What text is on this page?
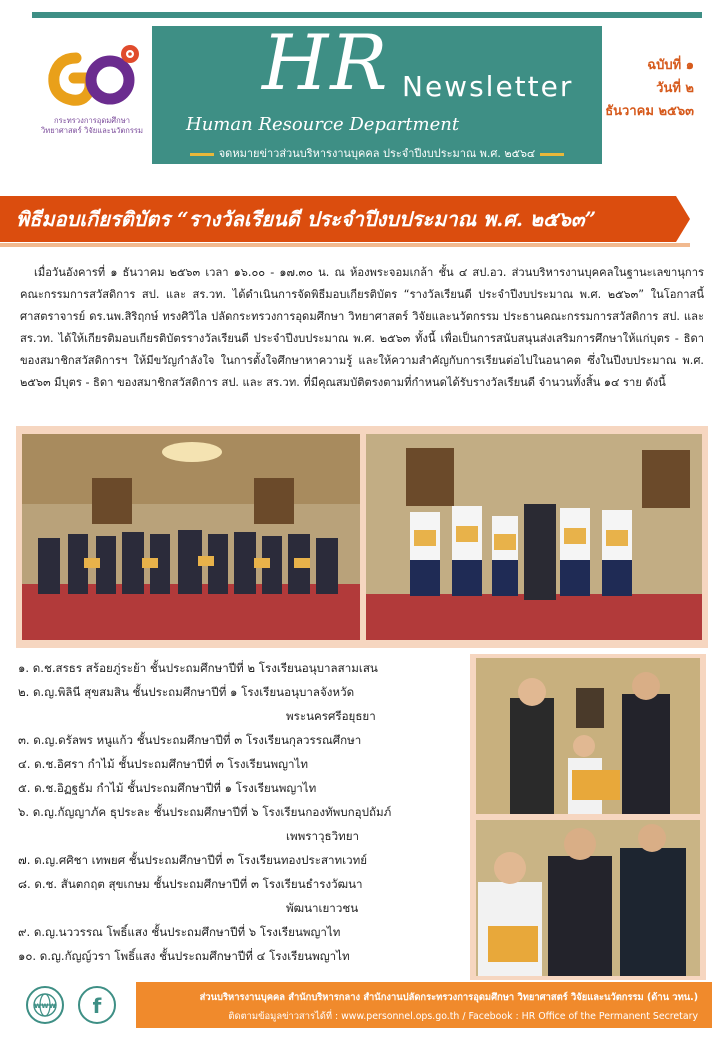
กระทรวงการอุดมศึกษา
วิทยาศาสตร์ วิจัยและนวัตกรรม
HR Newsletter
Human Resource Department
จดหมายข่าวส่วนบริหารงานบุคคล ประจำปีงบประมาณ พ.ศ. ๒๕๖๔
ฉบับที่ ๑
วันที่ ๒
ธันวาคม ๒๕๖๓
พิธีมอบเกียรติบัตร “รางวัลเรียนดี ประจำปีงบประมาณ พ.ศ. ๒๕๖๓”
เมื่อวันอังคารที่ ๑ ธันวาคม ๒๕๖๓ เวลา ๑๖.๐๐ - ๑๗.๓๐ น. ณ ห้องพระจอมเกล้า ชั้น ๔ สป.อว. ส่วนบริหารงานบุคคลในฐานะเลขานุการคณะกรรมการสวัสดิการ สป. และ สร.วท. ได้ดำเนินการจัดพิธีมอบเกียรติบัตร “รางวัลเรียนดี ประจำปีงบประมาณ พ.ศ. ๒๕๖๓” ในโอกาสนี้ ศาสตราจารย์ ดร.นพ.สิริฤกษ์ ทรงศิวิไล ปลัดกระทรวงการอุดมศึกษา วิทยาศาสตร์ วิจัยและนวัตกรรม ประธานคณะกรรมการสวัสดิการ สป. และ สร.วท. ได้ให้เกียรติมอบเกียรติบัตรรางวัลเรียนดี ประจำปีงบประมาณ พ.ศ. ๒๕๖๓ ทั้งนี้ เพื่อเป็นการสนับสนุนส่งเสริมการศึกษาให้แก่บุตร - ธิดาของสมาชิกสวัสดิการฯ ให้มีขวัญกำลังใจ ในการตั้งใจศึกษาหาความรู้ และให้ความสำคัญกับการเรียนต่อไปในอนาคต ซึ่งในปีงบประมาณ พ.ศ. ๒๕๖๓ มีบุตร - ธิดา ของสมาชิกสวัสดิการ สป. และ สร.วท. ที่มีคุณสมบัติตรงตามที่กำหนดได้รับรางวัลเรียนดี จำนวนทั้งสิ้น ๑๔ ราย ดังนี้
๑. ด.ช.สรธร สร้อยภู่ระย้า ชั้นประถมศึกษาปีที่ ๒ โรงเรียนอนุบาลสามเสน
๒. ด.ญ.พิลินี สุขสมสิน ชั้นประถมศึกษาปีที่ ๑ โรงเรียนอนุบาลจังหวัด
พระนครศรีอยุธยา
๓. ด.ญ.ดรัลพร หนูแก้ว ชั้นประถมศึกษาปีที่ ๓ โรงเรียนกุลวรรณศึกษา
๔. ด.ช.อิศรา กำไม้ ชั้นประถมศึกษาปีที่ ๓ โรงเรียนพญาไท
๕. ด.ช.อิฏฐธัม กำไม้ ชั้นประถมศึกษาปีที่ ๑ โรงเรียนพญาไท
๖. ด.ญ.กัญญาภัค ธุประละ ชั้นประถมศึกษาปีที่ ๖ โรงเรียนกองทัพบกอุปถัมภ์
เพพราวุธวิทยา
๗. ด.ญ.ศศิชา เทพยศ ชั้นประถมศึกษาปีที่ ๓ โรงเรียนทองประสาทเวทย์
๘. ด.ช. สันตกฤต สุขเกษม ชั้นประถมศึกษาปีที่ ๓ โรงเรียนธำรงวัฒนา
พัฒนาเยาวชน
๙. ด.ญ.นววรรณ โพธิ์แสง ชั้นประถมศึกษาปีที่ ๖ โรงเรียนพญาไท
๑๐. ด.ญ.กัญญ์วรา โพธิ์แสง ชั้นประถมศึกษาปีที่ ๔ โรงเรียนพญาไท
www f	ส่วนบริหารงานบุคคล สำนักบริหารกลาง สำนักงานปลัดกระทรวงการอุดมศึกษา วิทยาศาสตร์ วิจัยและนวัตกรรม (ด้าน วทน.)
ติดตามข้อมูลข่าวสารได้ที่ : www.personnel.ops.go.th / Facebook : HR Office of the Permanent Secretary
